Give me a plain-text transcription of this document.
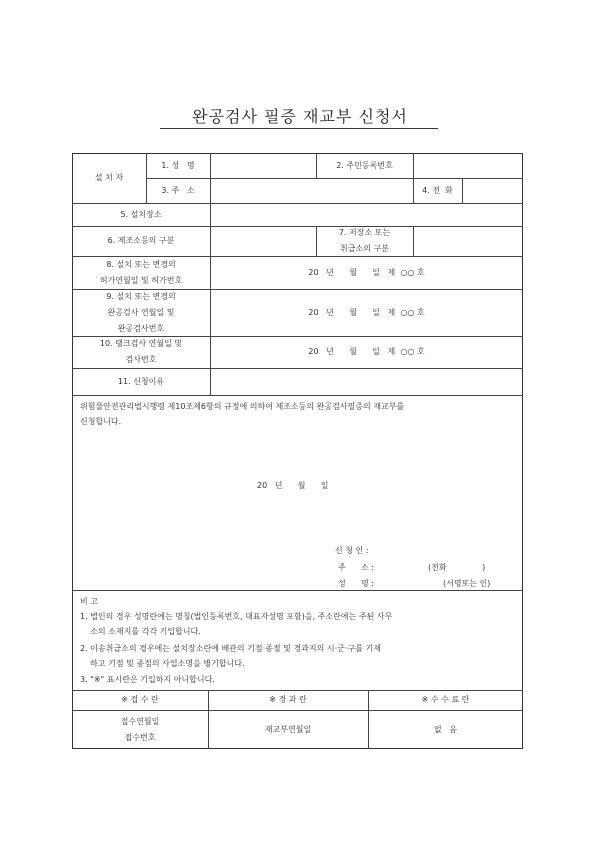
완공검사 필증 재교부 신청서
설 치 자
1. 성   명	2. 주민등록번호
3. 주   소	4. 전  화
5. 설치장소
6. 제조소등의 구분
7. 저장소 또는
취급소의 구분
8. 설치 또는 변경의
허가연월일 및 허가번호
20   년      월      일   제  ○○ 호
9. 설치 또는 변경의
완공검사 연월일 및
완공검사번호
20   년      월      일   제  ○○ 호
10. 탱크검사 연월일 및
검사번호
20   년      월      일   제  ○○ 호
11. 신청이유
위험물안전관리법시행령 제10조제6항의 규정에 의하여 제조소등의 완공검사필증의 재교부를
신청합니다.
20   년      월      일
신 청 인 :
주      소 :	(전화              )
성      명 :	(서명또는 인)
비 고
1. 법인의 경우 성명란에는 명칭(법인등록번호, 대표자성명 포함)을, 주소란에는 주된 사무
소의 소재지를 각각 기입합니다.
2. 이송취급소의 경우에는 설치장소란에 배관의 기점·종점 및 경과지의 시·군·구를 기재
하고 기점 및 종점의 사업소명을 병기합니다.
3. "※" 표시란은 기입하지 아니합니다.
※ 접 수 란	※ 경 과 란	※ 수 수 료 란
접수연월일
접수번호
재교부연월일	없   음
